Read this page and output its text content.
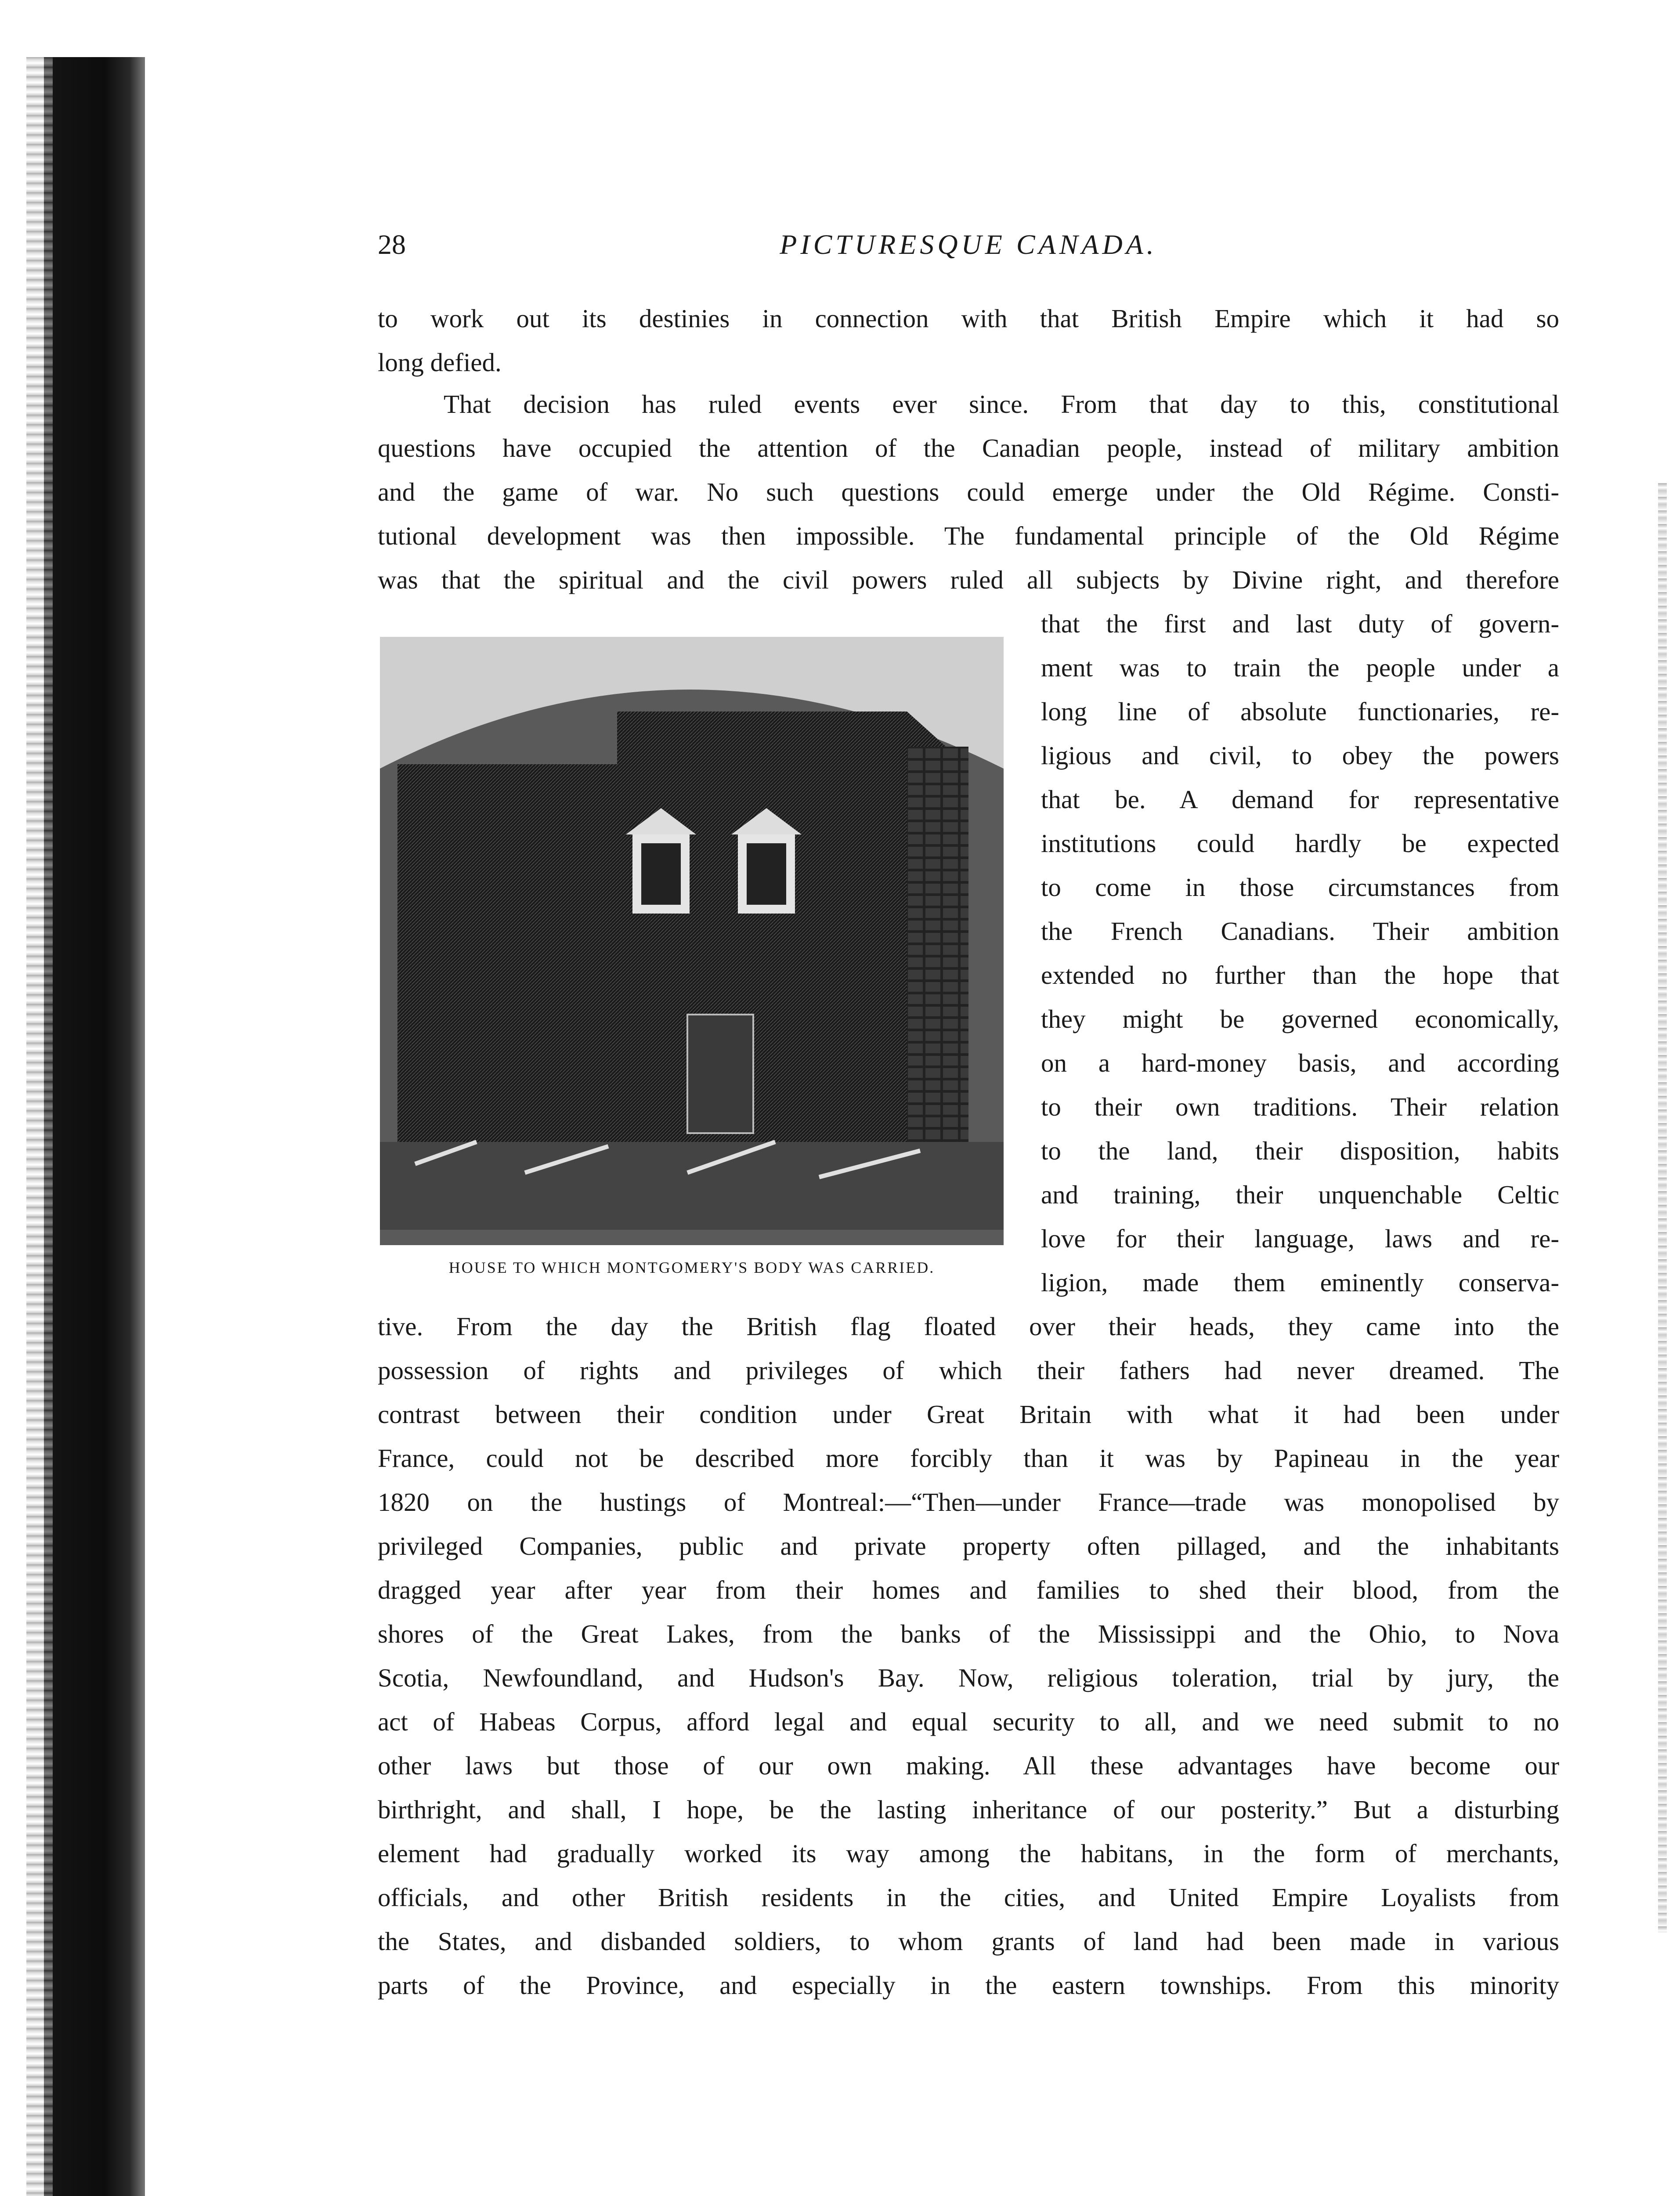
28	PICTURESQUE CANADA.
to work out its destinies in connection with that British Empire which it had so
long defied.
That decision has ruled events ever since. From that day to this, constitutional
questions have occupied the attention of the Canadian people, instead of military ambition
and the game of war. No such questions could emerge under the Old Régime. Consti-
tutional development was then impossible. The fundamental principle of the Old Régime
was that the spiritual and the civil powers ruled all subjects by Divine right, and therefore
HOUSE TO WHICH MONTGOMERY'S BODY WAS CARRIED.
that the first and last duty of govern-
ment was to train the people under a
long line of absolute functionaries, re-
ligious and civil, to obey the powers
that be. A demand for representative
institutions could hardly be expected
to come in those circumstances from
the French Canadians. Their ambition
extended no further than the hope that
they might be governed economically,
on a hard-money basis, and according
to their own traditions. Their relation
to the land, their disposition, habits
and training, their unquenchable Celtic
love for their language, laws and re-
ligion, made them eminently conserva-
tive. From the day the British flag floated over their heads, they came into the
possession of rights and privileges of which their fathers had never dreamed. The
contrast between their condition under Great Britain with what it had been under
France, could not be described more forcibly than it was by Papineau in the year
1820 on the hustings of Montreal:—“Then—under France—trade was monopolised by
privileged Companies, public and private property often pillaged, and the inhabitants
dragged year after year from their homes and families to shed their blood, from the
shores of the Great Lakes, from the banks of the Mississippi and the Ohio, to Nova
Scotia, Newfoundland, and Hudson's Bay. Now, religious toleration, trial by jury, the
act of Habeas Corpus, afford legal and equal security to all, and we need submit to no
other laws but those of our own making. All these advantages have become our
birthright, and shall, I hope, be the lasting inheritance of our posterity.” But a disturbing
element had gradually worked its way among the habitans, in the form of merchants,
officials, and other British residents in the cities, and United Empire Loyalists from
the States, and disbanded soldiers, to whom grants of land had been made in various
parts of the Province, and especially in the eastern townships. From this minority
